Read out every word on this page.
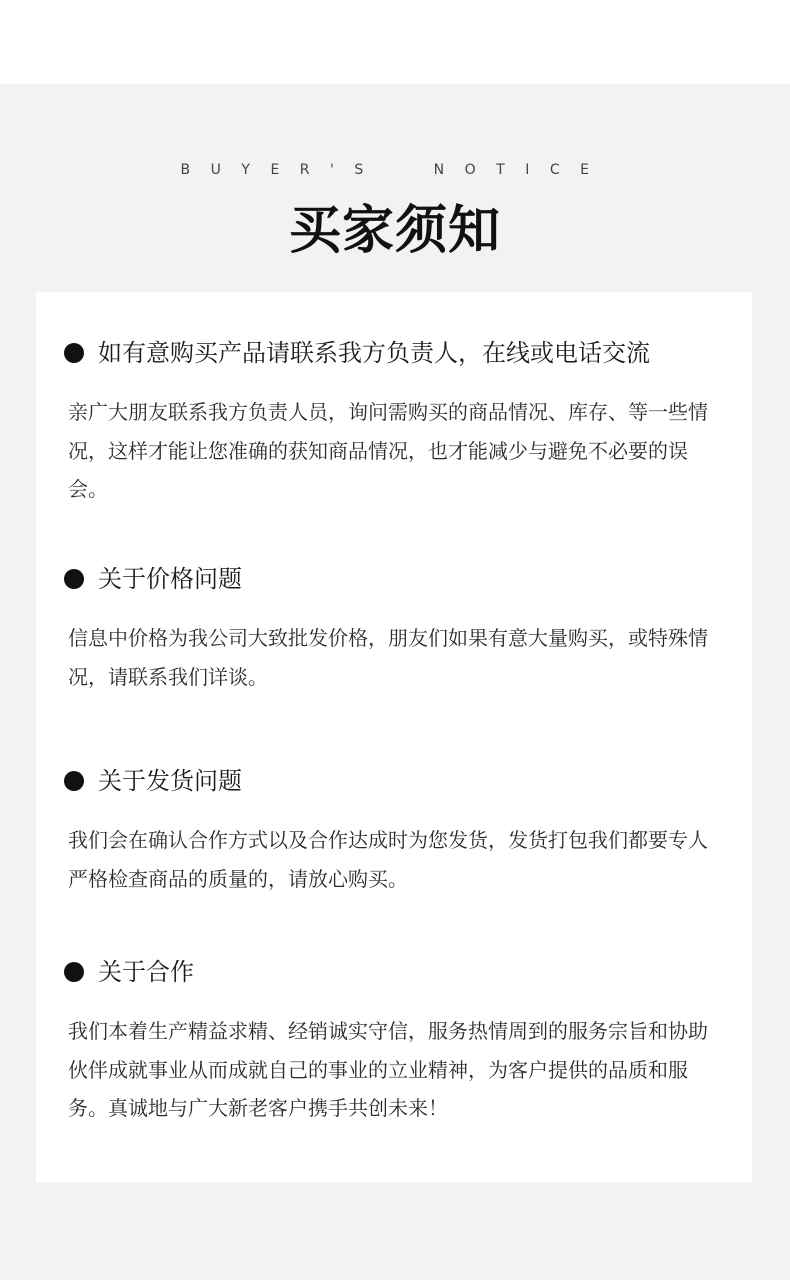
BUYER'S  NOTICE
买家须知
如有意购买产品请联系我方负责人，在线或电话交流

亲广大朋友联系我方负责人员，询问需购买的商品情况、库存、等一些情况，这样才能让您准确的获知商品情况，也才能减少与避免不必要的误会。

关于价格问题

信息中价格为我公司大致批发价格，朋友们如果有意大量购买，或特殊情况，请联系我们详谈。

关于发货问题

我们会在确认合作方式以及合作达成时为您发货，发货打包我们都要专人严格检查商品的质量的，请放心购买。

关于合作

我们本着生产精益求精、经销诚实守信，服务热情周到的服务宗旨和协助伙伴成就事业从而成就自己的事业的立业精神，为客户提供的品质和服务。真诚地与广大新老客户携手共创未来！
